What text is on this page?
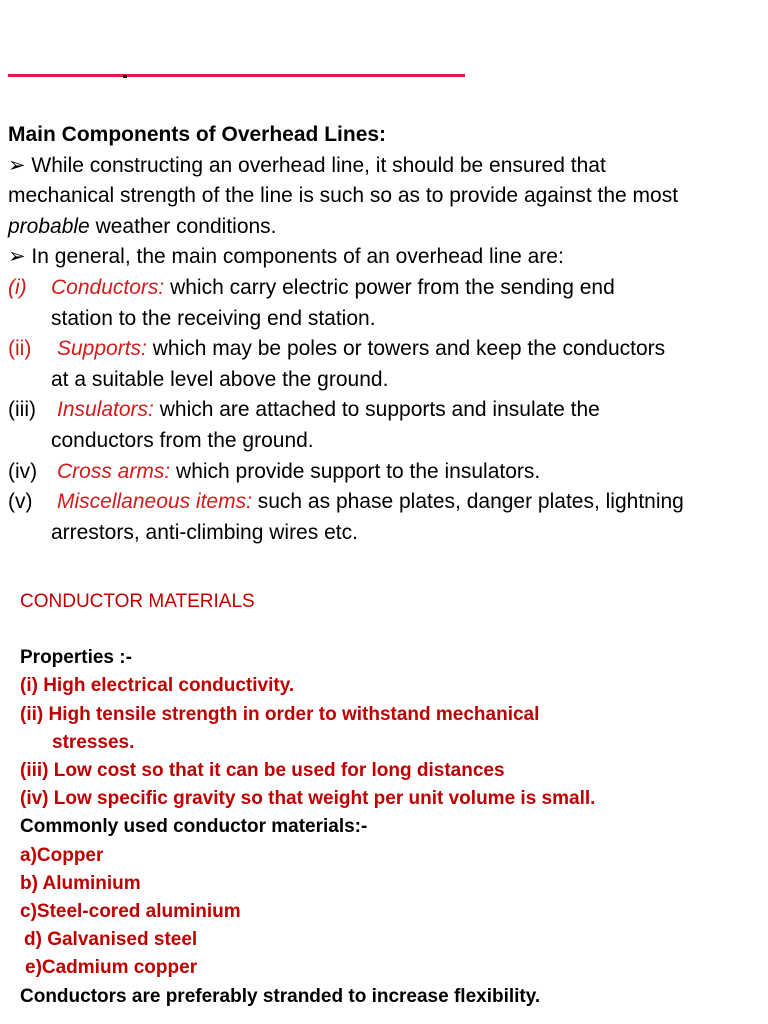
Main Components of Overhead Lines:
➢ While constructing an overhead line, it should be ensured that
mechanical strength of the line is such so as to provide against the most
probable weather conditions.
➢ In general, the main components of an overhead line are:
(i) Conductors: which carry electric power from the sending end
station to the receiving end station.
(ii) Supports: which may be poles or towers and keep the conductors
at a suitable level above the ground.
(iii) Insulators: which are attached to supports and insulate the
conductors from the ground.
(iv) Cross arms: which provide support to the insulators.
(v) Miscellaneous items: such as phase plates, danger plates, lightning
arrestors, anti-climbing wires etc.
CONDUCTOR MATERIALS
Properties :-
(i) High electrical conductivity.
(ii) High tensile strength in order to withstand mechanical
stresses.
(iii) Low cost so that it can be used for long distances
(iv) Low specific gravity so that weight per unit volume is small.
Commonly used conductor materials:-
a)Copper
b) Aluminium
c)Steel-cored aluminium
d) Galvanised steel
e)Cadmium copper
Conductors are preferably stranded to increase flexibility.
